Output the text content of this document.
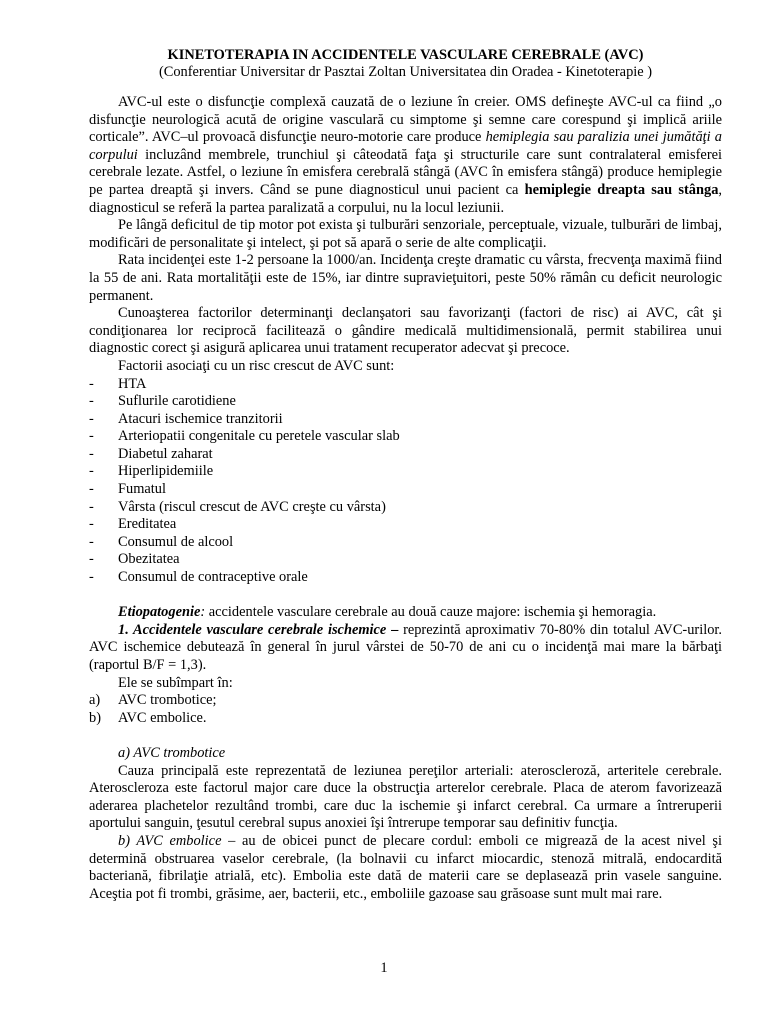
KINETOTERAPIA IN ACCIDENTELE VASCULARE CEREBRALE (AVC)
(Conferentiar Universitar dr Pasztai Zoltan Universitatea din Oradea - Kinetoterapie )

AVC-ul este o disfuncţie complexă cauzată de o leziune în creier. OMS defineşte AVC-ul ca fiind „o disfuncţie neurologică acută de origine vasculară cu simptome şi semne care corespund şi implică ariile corticale”. AVC–ul provoacă disfuncţie neuro-motorie care produce hemiplegia sau paralizia unei jumătăţi a corpului incluzând membrele, trunchiul şi câteodată faţa şi structurile care sunt contralateral emisferei cerebrale lezate. Astfel, o leziune în emisfera cerebrală stângă (AVC în emisfera stângă) produce hemiplegie pe partea dreaptă şi invers. Când se pune diagnosticul unui pacient ca hemiplegie dreapta sau stânga, diagnosticul se referă la partea paralizată a corpului, nu la locul leziunii.

Pe lângă deficitul de tip motor pot exista şi tulburări senzoriale, perceptuale, vizuale, tulburări de limbaj, modificări de personalitate şi intelect, şi pot să apară o serie de alte complicaţii.

Rata incidenţei este 1-2 persoane la 1000/an. Incidenţa creşte dramatic cu vârsta, frecvenţa maximă fiind la 55 de ani. Rata mortalităţii este de 15%, iar dintre supravieţuitori, peste 50% rămân cu deficit neurologic permanent.

Cunoaşterea factorilor determinanţi declanşatori sau favorizanţi (factori de risc) ai AVC, cât şi condiţionarea lor reciprocă facilitează o gândire medicală multidimensională, permit stabilirea unui diagnostic corect şi asigură aplicarea unui tratament recuperator adecvat şi precoce.

Factorii asociaţi cu un risc crescut de AVC sunt:

- HTA
- Suflurile carotidiene
- Atacuri ischemice tranzitorii
- Arteriopatii congenitale cu peretele vascular slab
- Diabetul zaharat
- Hiperlipidemiile
- Fumatul
- Vârsta (riscul crescut de AVC creşte cu vârsta)
- Ereditatea
- Consumul de alcool
- Obezitatea
- Consumul de contraceptive orale

Etiopatogenie: accidentele vasculare cerebrale au două cauze majore: ischemia şi hemoragia.

1. Accidentele vasculare cerebrale ischemice – reprezintă aproximativ 70-80% din totalul AVC-urilor. AVC ischemice debutează în general în jurul vârstei de 50-70 de ani cu o incidenţă mai mare la bărbaţi (raportul B/F = 1,3).

Ele se subîmpart în:

a) AVC trombotice;
b) AVC embolice.

a) AVC trombotice

Cauza principală este reprezentată de leziunea pereţilor arteriali: ateroscleroză, arteritele cerebrale. Ateroscleroza este factorul major care duce la obstrucţia arterelor cerebrale. Placa de aterom favorizează aderarea plachetelor rezultând trombi, care duc la ischemie şi infarct cerebral. Ca urmare a întreruperii aportului sanguin, ţesutul cerebral supus anoxiei îşi întrerupe temporar sau definitiv funcţia.

b) AVC embolice – au de obicei punct de plecare cordul: emboli ce migrează de la acest nivel şi determină obstruarea vaselor cerebrale, (la bolnavii cu infarct miocardic, stenoză mitrală, endocardită bacteriană, fibrilaţie atrială, etc). Embolia este dată de materii care se deplasează prin vasele sanguine. Aceştia pot fi trombi, grăsime, aer, bacterii, etc., emboliile gazoase sau grăsoase sunt mult mai rare.

1
